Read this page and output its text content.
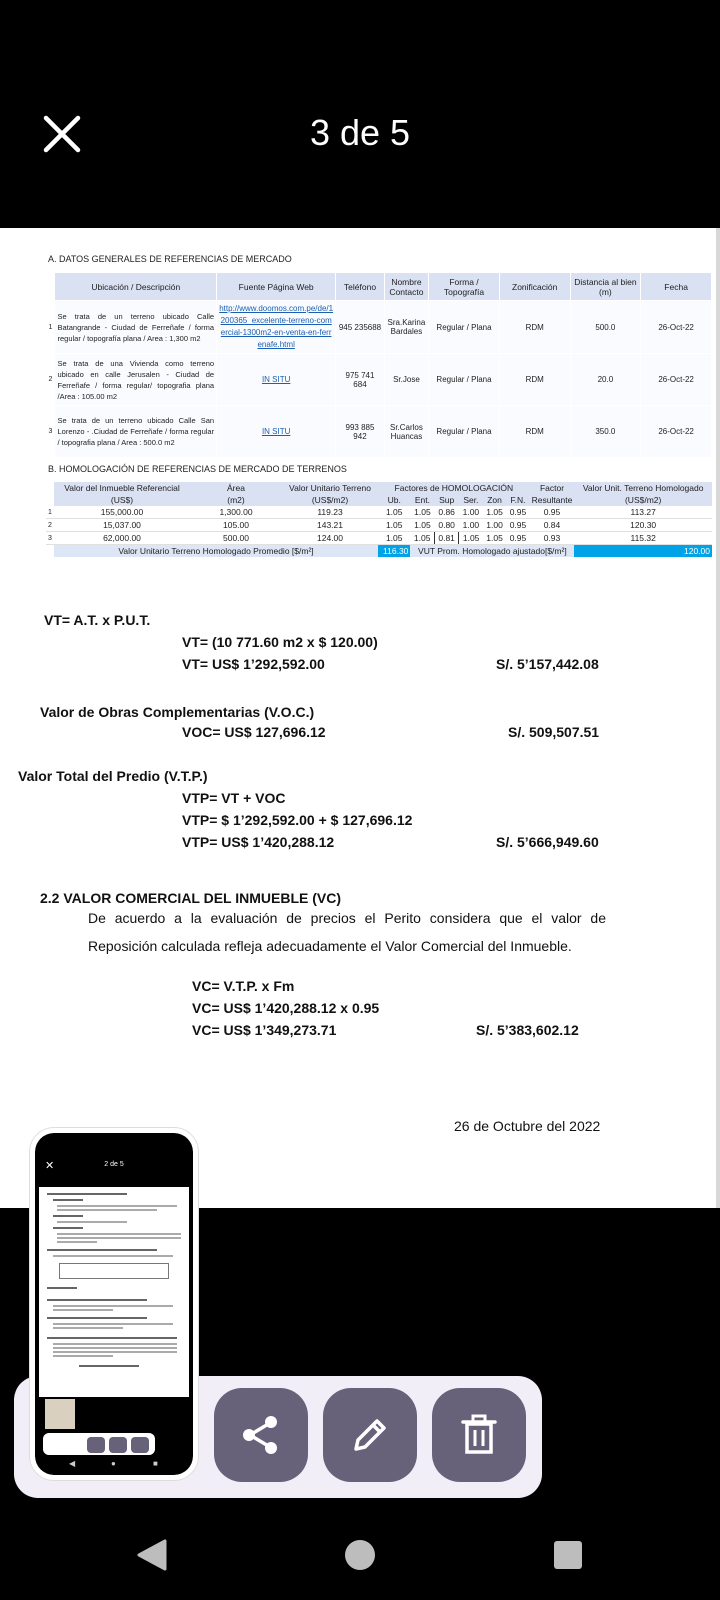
3 de 5
A. DATOS GENERALES DE REFERENCIAS DE MERCADO
	Ubicación / Descripción	Fuente Página Web	Teléfono	Nombre Contacto	Forma / Topografía	Zonificación	Distancia al bien (m)	Fecha
1	Se trata de un terreno ubicado Calle Batangrande - Ciudad de Ferreñafe / forma regular / topografía plana / Area : 1,300 m2	http://www.doomos.com.pe/de/1200365_excelente-terreno-comercial-1300m2-en-venta-en-ferrenafe.html	945 235688	Sra.Karina Bardales	Regular / Plana	RDM	500.0	26-Oct-22
2	Se trata de una Vivienda como terreno ubicado en calle Jerusalen - Ciudad de Ferreñafe / forma regular/ topografia plana /Area : 105.00 m2	IN SITU	975 741 684	Sr.Jose	Regular / Plana	RDM	20.0	26-Oct-22
3	Se trata de un terreno ubicado Calle San Lorenzo - .Ciudad de Ferreñafe / forma regular / topografia plana / Area : 500.0 m2	IN SITU	993 885 942	Sr.Carlos Huancas	Regular / Plana	RDM	350.0	26-Oct-22
B. HOMOLOGACIÓN DE REFERENCIAS DE MERCADO DE TERRENOS
	Valor del Inmueble Referencial	Área	Valor Unitario Terreno	Factores de HOMOLOGACIÓN						Factor	Valor Unit. Terreno Homologado
	(US$)	(m2)	(US$/m2)	Ub.	Ent.	Sup	Ser.	Zon	F.N.	Resultante	(US$/m2)
1	155,000.00	1,300.00	119.23	1.05	1.05	0.86	1.00	1.05	0.95	0.95	113.27
2	15,037.00	105.00	143.21	1.05	1.05	0.80	1.00	1.00	0.95	0.84	120.30
3	62,000.00	500.00	124.00	1.05	1.05	0.81	1.05	1.05	0.95	0.93	115.32
	Valor Unitario Terreno Homologado Promedio [$/m²]			116.30	VUT Prom. Homologado ajustado[$/m²]						120.00
VT= A.T. x P.U.T.
VT= (10 771.60 m2 x $ 120.00)
VT= US$ 1’292,592.00	S/. 5’157,442.08
Valor de Obras Complementarias (V.O.C.)
VOC= US$ 127,696.12	S/. 509,507.51
Valor Total del Predio (V.T.P.)
VTP= VT + VOC
VTP= $ 1’292,592.00 + $ 127,696.12
VTP= US$ 1’420,288.12	S/. 5’666,949.60
2.2 VALOR COMERCIAL DEL INMUEBLE (VC)
De acuerdo a la evaluación de precios el Perito considera que el valor de Reposición calculada refleja adecuadamente el Valor Comercial del Inmueble.
VC= V.T.P. x Fm
VC= US$ 1’420,288.12 x 0.95
VC= US$ 1’349,273.71	S/. 5’383,602.12
26 de Octubre del 2022
✕	2 de 5
◀	●	■
